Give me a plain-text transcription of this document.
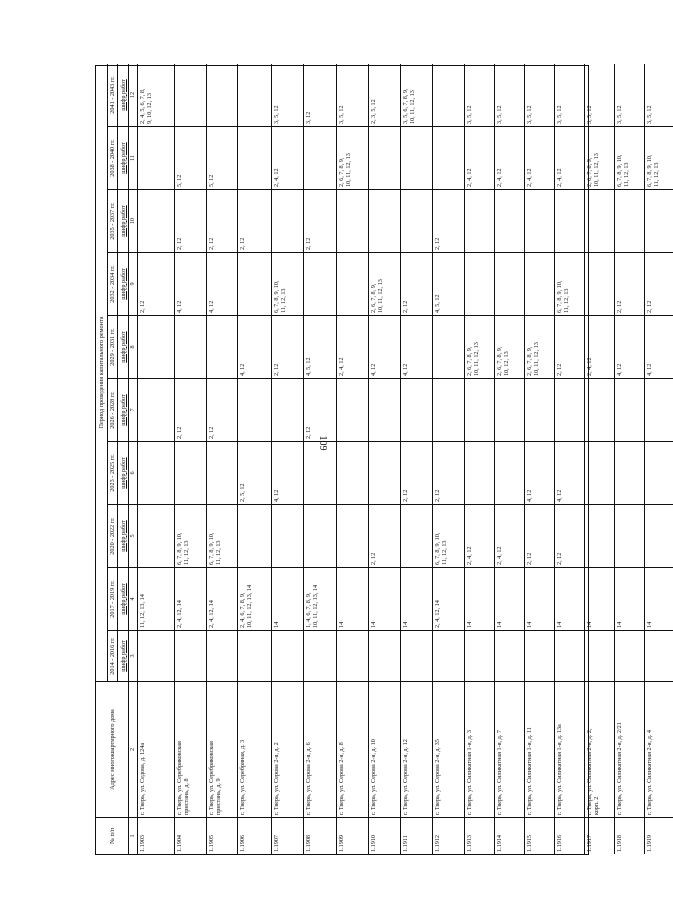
109
№ п/п
Адрес многоквартирного дома
Период проведения капитального ремонта
2014 - 2016 гг. шифр работ
2017 - 2019 гг. шифр работ
2020 - 2022 гг. шифр работ
2023 - 2025 гг. шифр работ
2026 - 2028 гг. шифр работ
2029 - 2031 гг. шифр работ
2032 - 2034 гг. шифр работ
2035 - 2037 гг. шифр работ
2038 - 2040 гг. шифр работ
2041 - 2043 гг. шифр работ
1
2
3
4
5
6
7
8
9
10
11
12
1.1903
г. Тверь, ул. Седова, д. 124а
11, 12, 13, 14
2, 12
2, 4, 5, 6, 7, 8,
9, 10, 12, 13
1.1904
г. Тверь, ул. Серебряковская
пристань, д. 8
2, 4, 12, 14
6, 7, 8, 9, 10,
11, 12, 13
2, 12
4, 12
2, 12
5, 12
1.1905
г. Тверь, ул. Серебряковская
пристань, д. 9
2, 4, 12, 14
6, 7, 8, 9, 10,
11, 12, 13
2, 12
4, 12
2, 12
5, 12
1.1906
г. Тверь, ул. Серебряная, д. 3
2, 4, 6, 7, 8, 9,
10, 11, 12, 13, 14
2, 5, 12
4, 12
2, 12
1.1907
г. Тверь, ул. Серова 2-я, д. 2
14
4, 12
2, 12
6, 7, 8, 9, 10,
11, 12, 13
2, 4, 12
3, 5, 12
1.1908
г. Тверь, ул. Серова 2-я, д. 6
1, 4, 6, 7, 8, 9,
10, 11, 12, 13, 14
2, 12
4, 5, 12
2, 12
3, 12
1.1909
г. Тверь, ул. Серова 2-я, д. 8
14
2, 4, 12
2, 6, 7, 8, 9,
10, 11, 12, 13
3, 5, 12
1.1910
г. Тверь, ул. Серова 2-я, д. 10
14
2, 12
4, 12
2, 6, 7, 8, 9,
10, 11, 12, 13
2, 3, 5, 12
1.1911
г. Тверь, ул. Серова 2-я, д. 12
14
2, 12
4, 12
2, 12
3, 5, 6, 7, 8, 9,
10, 11, 12, 13
1.1912
г. Тверь, ул. Серова 2-я, д. 35
2, 4, 12, 14
6, 7, 8, 9, 10,
11, 12, 13
2, 12
4, 5, 12
2, 12
1.1913
г. Тверь, ул. Силикатная 1-я, д. 3
14
2, 4, 12
2, 6, 7, 8, 9,
10, 11, 12, 13
2, 4, 12
3, 5, 12
1.1914
г. Тверь, ул. Силикатная 1-я, д. 7
14
2, 4, 12
2, 6, 7, 8, 9,
10, 12, 13
2, 4, 12
3, 5, 12
1.1915
г. Тверь, ул. Силикатная 1-я, д. 11
14
2, 12
4, 12
2, 6, 7, 8, 9,
10, 11, 12, 13
2, 4, 12
3, 5, 12
1.1916
г. Тверь, ул. Силикатная 1-я, д. 13а
14
2, 12
4, 12
2, 12
6, 7, 8, 9, 10,
11, 12, 13
2, 4, 12
3, 5, 12
1.1917
г. Тверь, ул. Силикатная 2-я, д. 2,
корп. 2
14
2, 4, 12
2, 6, 7, 8, 9,
10, 11, 12, 13
3, 5, 12
1.1918
г. Тверь, ул. Силикатная 2-я, д. 2/21
14
4, 12
2, 12
6, 7, 8, 9, 10,
11, 12, 13
3, 5, 12
1.1919
г. Тверь, ул. Силикатная 2-я, д. 4
14
4, 12
2, 12
6, 7, 8, 9, 10,
11, 12, 13
3, 5, 12
